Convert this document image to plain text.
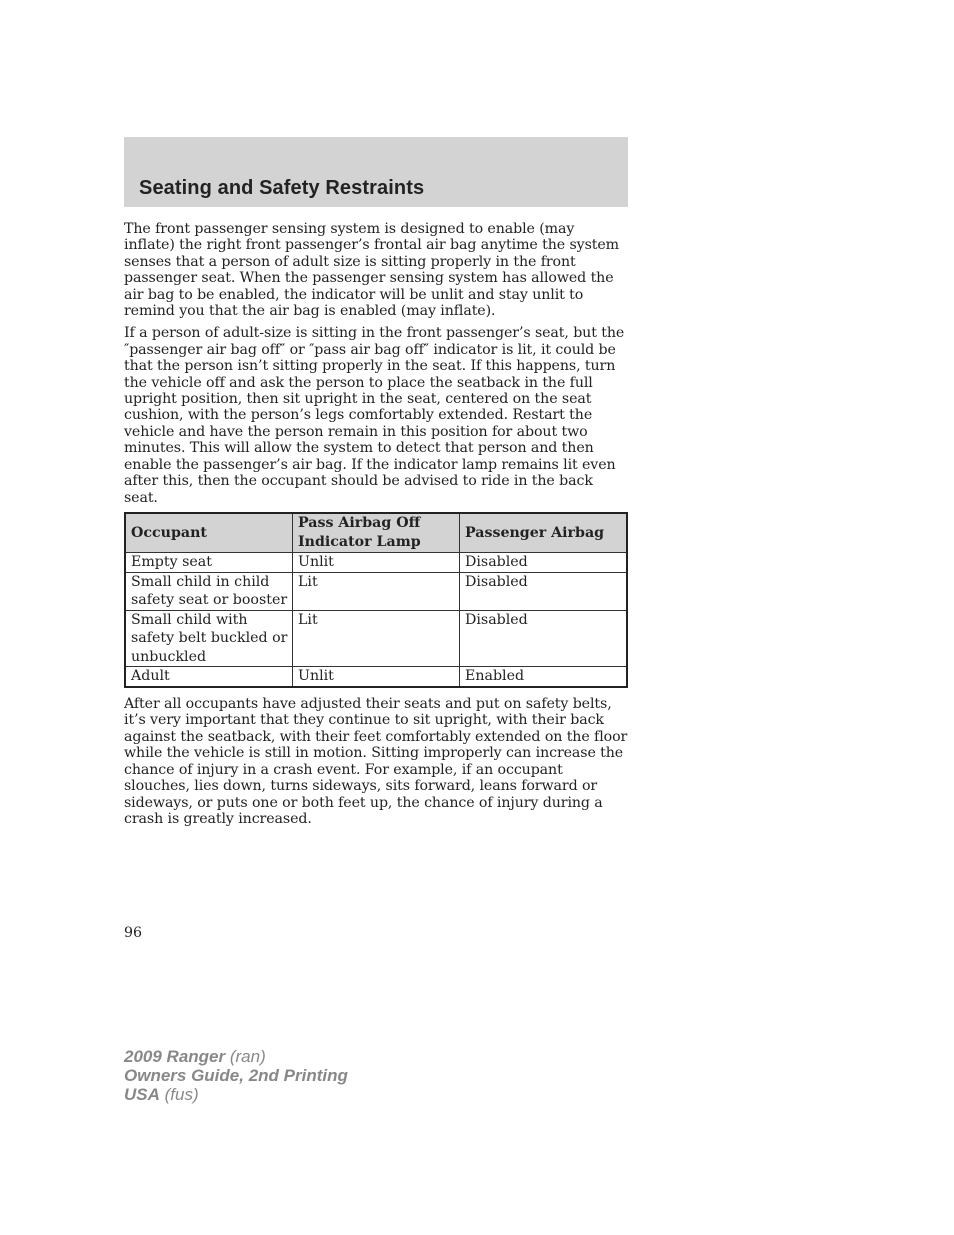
Seating and Safety Restraints

The front passenger sensing system is designed to enable (may inflate) the right front passenger’s frontal air bag anytime the system senses that a person of adult size is sitting properly in the front passenger seat. When the passenger sensing system has allowed the air bag to be enabled, the indicator will be unlit and stay unlit to remind you that the air bag is enabled (may inflate).

If a person of adult-size is sitting in the front passenger’s seat, but the ″passenger air bag off″ or ″pass air bag off″ indicator is lit, it could be that the person isn’t sitting properly in the seat. If this happens, turn the vehicle off and ask the person to place the seatback in the full upright position, then sit upright in the seat, centered on the seat cushion, with the person’s legs comfortably extended. Restart the vehicle and have the person remain in this position for about two minutes. This will allow the system to detect that person and then enable the passenger’s air bag. If the indicator lamp remains lit even after this, then the occupant should be advised to ride in the back seat.

Occupant	Pass Airbag Off Indicator Lamp	Passenger Airbag
Empty seat	Unlit	Disabled
Small child in child safety seat or booster	Lit	Disabled
Small child with safety belt buckled or unbuckled	Lit	Disabled
Adult	Unlit	Enabled

After all occupants have adjusted their seats and put on safety belts, it’s very important that they continue to sit upright, with their back against the seatback, with their feet comfortably extended on the floor while the vehicle is still in motion. Sitting improperly can increase the chance of injury in a crash event. For example, if an occupant slouches, lies down, turns sideways, sits forward, leans forward or sideways, or puts one or both feet up, the chance of injury during a crash is greatly increased.

96
2009 Ranger (ran)
Owners Guide, 2nd Printing
USA (fus)
